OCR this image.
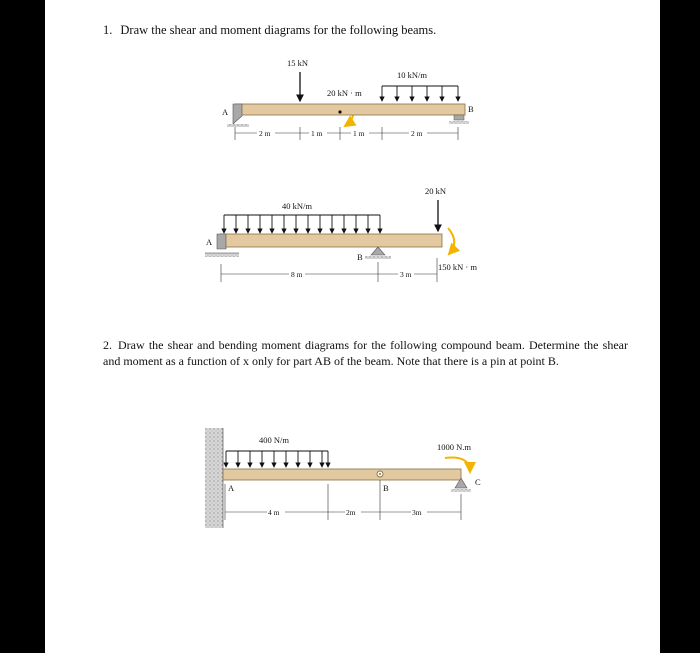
1. Draw the shear and moment diagrams for the following beams.
15 kN
10 kN/m
20 kN · m
A	B
2 m	1 m	1 m	2 m
20 kN
40 kN/m
A
B
150 kN · m
8 m	3 m
400 N/m
1000 N.m
A	B
C
4 m	2m	3m
2. Draw the shear and bending moment diagrams for the following compound beam. Determine the shear and moment as a function of x only for part AB of the beam. Note that there is a pin at point B.
